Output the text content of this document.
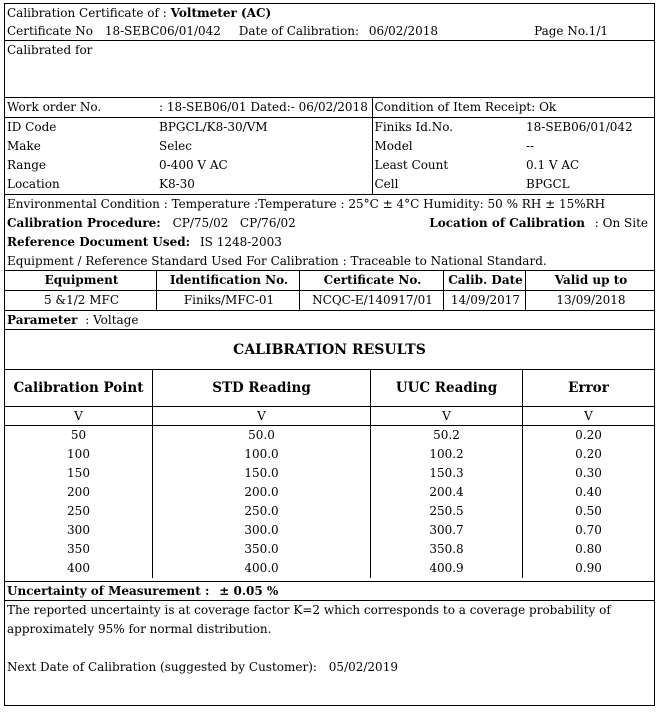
Calibration Certificate of : Voltmeter (AC)
Certificate No 18-SEBC06/01/042 Date of Calibration: 06/02/2018	Page No.1/1
Calibrated for
Work order No.	: 18-SEB06/01 Dated:- 06/02/2018	Condition of Item Receipt: Ok	
ID Code	BPGCL/K8-30/VM	Finiks Id.No.	18-SEB06/01/042
Make	Selec	Model	--
Range	0-400 V AC	Least Count	0.1 V AC
Location	K8-30	Cell	BPGCL
Environmental Condition : Temperature :Temperature : 25°C ± 4°C Humidity: 50 % RH ± 15%RH
Calibration Procedure: CP/75/02   CP/76/02	Location of Calibration : On Site
Reference Document Used: IS 1248-2003
Equipment / Reference Standard Used For Calibration : Traceable to National Standard.
Equipment	Identification No.	Certificate No.	Calib. Date	Valid up to
5 &1/2 MFC	Finiks/MFC-01	NCQC-E/140917/01	14/09/2017	13/09/2018
Parameter : Voltage
CALIBRATION RESULTS
Calibration Point	STD Reading	UUC Reading	Error
V	V	V	V
50	50.0	50.2	0.20
100	100.0	100.2	0.20
150	150.0	150.3	0.30
200	200.0	200.4	0.40
250	250.0	250.5	0.50
300	300.0	300.7	0.70
350	350.0	350.8	0.80
400	400.0	400.9	0.90
Uncertainty of Measurement : ± 0.05 %
The reported uncertainty is at coverage factor K=2 which corresponds to a coverage probability of
approximately 95% for normal distribution.
Next Date of Calibration (suggested by Customer): 05/02/2019
